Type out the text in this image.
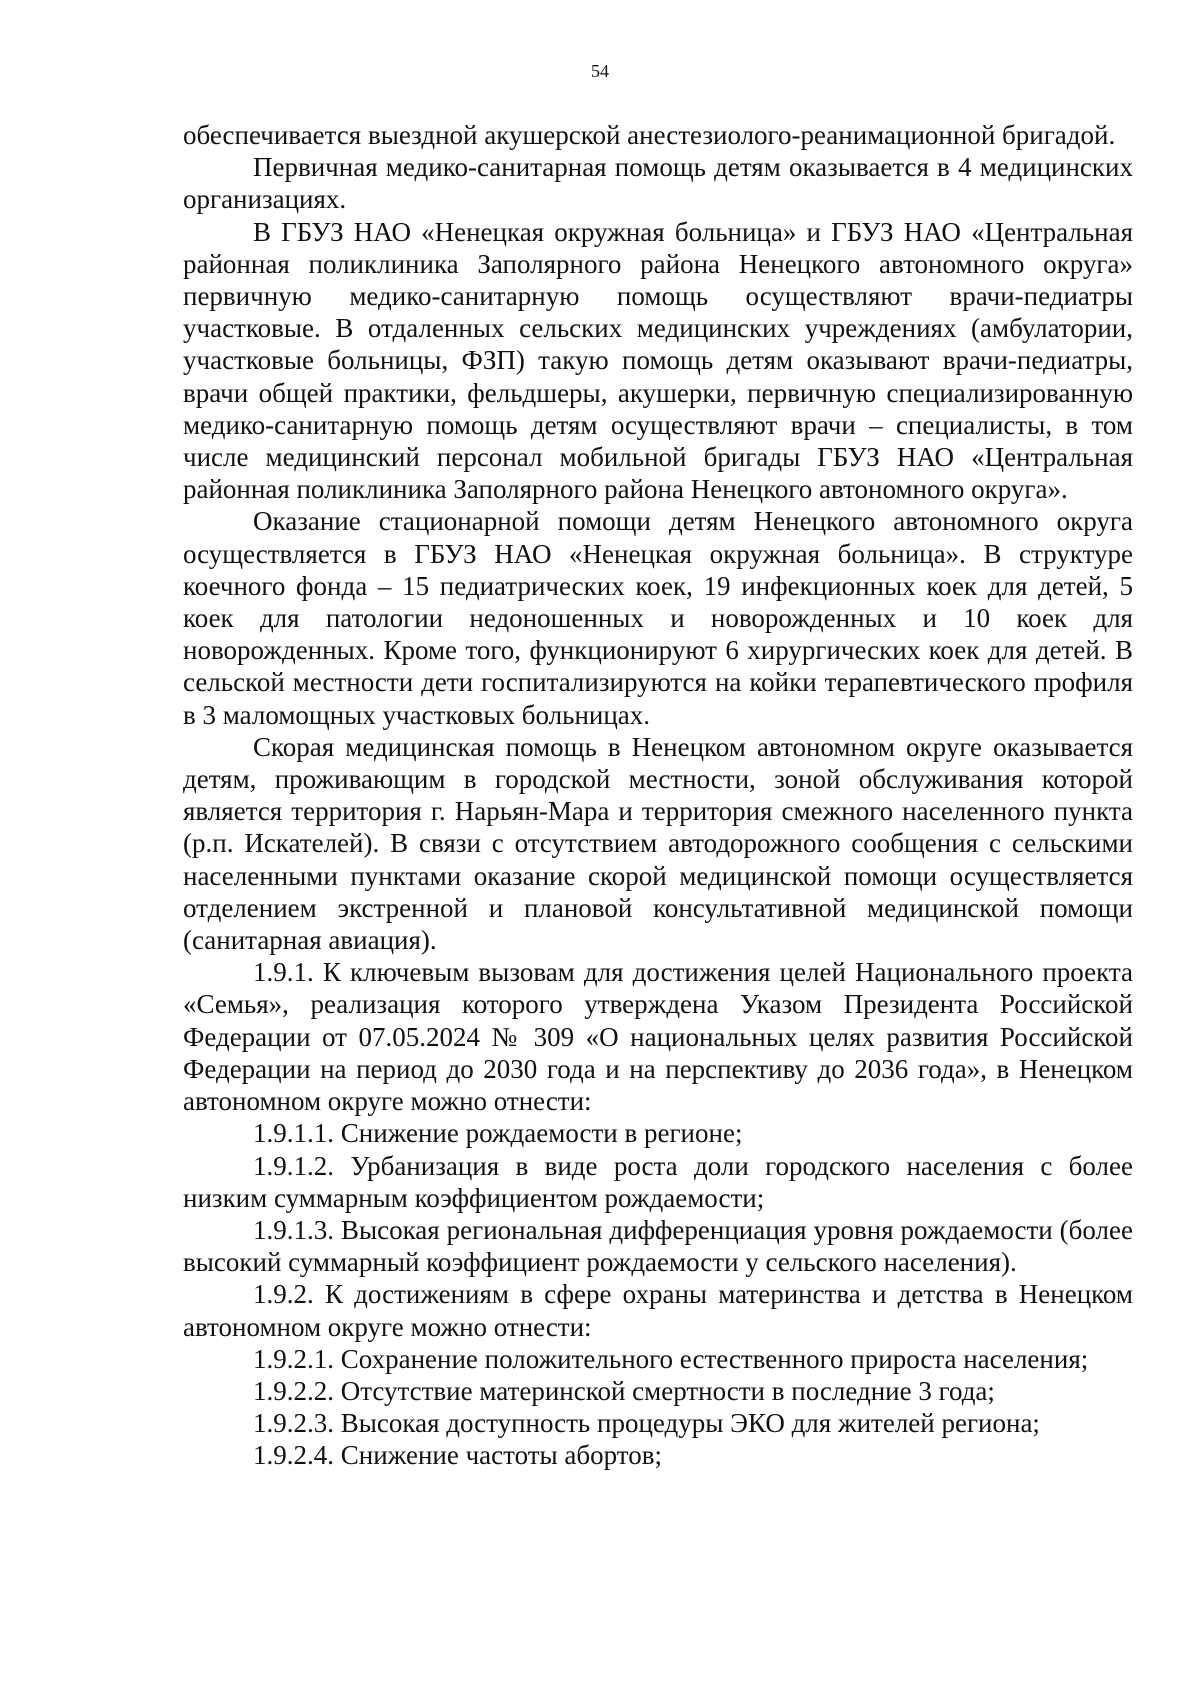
54

обеспечивается выездной акушерской анестезиолого-реанимационной бригадой.

Первичная медико-санитарная помощь детям оказывается в 4 медицинских организациях.

В ГБУЗ НАО «Ненецкая окружная больница» и ГБУЗ НАО «Центральная районная поликлиника Заполярного района Ненецкого автономного округа» первичную медико-санитарную помощь осуществляют врачи-педиатры участковые. В отдаленных сельских медицинских учреждениях (амбулатории, участковые больницы, ФЗП) такую помощь детям оказывают врачи-педиатры, врачи общей практики, фельдшеры, акушерки, первичную специализированную медико-санитарную помощь детям осуществляют врачи – специалисты, в том числе медицинский персонал мобильной бригады ГБУЗ НАО «Центральная районная поликлиника Заполярного района Ненецкого автономного округа».

Оказание стационарной помощи детям Ненецкого автономного округа осуществляется в ГБУЗ НАО «Ненецкая окружная больница». В структуре коечного фонда – 15 педиатрических коек, 19 инфекционных коек для детей, 5 коек для патологии недоношенных и новорожденных и 10 коек для новорожденных. Кроме того, функционируют 6 хирургических коек для детей. В сельской местности дети госпитализируются на койки терапевтического профиля в 3 маломощных участковых больницах.

Скорая медицинская помощь в Ненецком автономном округе оказывается детям, проживающим в городской местности, зоной обслуживания которой является территория г. Нарьян-Мара и территория смежного населенного пункта (р.п. Искателей). В связи с отсутствием автодорожного сообщения с сельскими населенными пунктами оказание скорой медицинской помощи осуществляется отделением экстренной и плановой консультативной медицинской помощи (санитарная авиация).

1.9.1. К ключевым вызовам для достижения целей Национального проекта «Семья», реализация которого утверждена Указом Президента Российской Федерации от 07.05.2024 № 309 «О национальных целях развития Российской Федерации на период до 2030 года и на перспективу до 2036 года», в Ненецком автономном округе можно отнести:

1.9.1.1. Снижение рождаемости в регионе;

1.9.1.2. Урбанизация в виде роста доли городского населения с более низким суммарным коэффициентом рождаемости;

1.9.1.3. Высокая региональная дифференциация уровня рождаемости (более высокий суммарный коэффициент рождаемости у сельского населения).

1.9.2. К достижениям в сфере охраны материнства и детства в Ненецком автономном округе можно отнести:

1.9.2.1. Сохранение положительного естественного прироста населения;

1.9.2.2. Отсутствие материнской смертности в последние 3 года;

1.9.2.3. Высокая доступность процедуры ЭКО для жителей региона;

1.9.2.4. Снижение частоты абортов;
